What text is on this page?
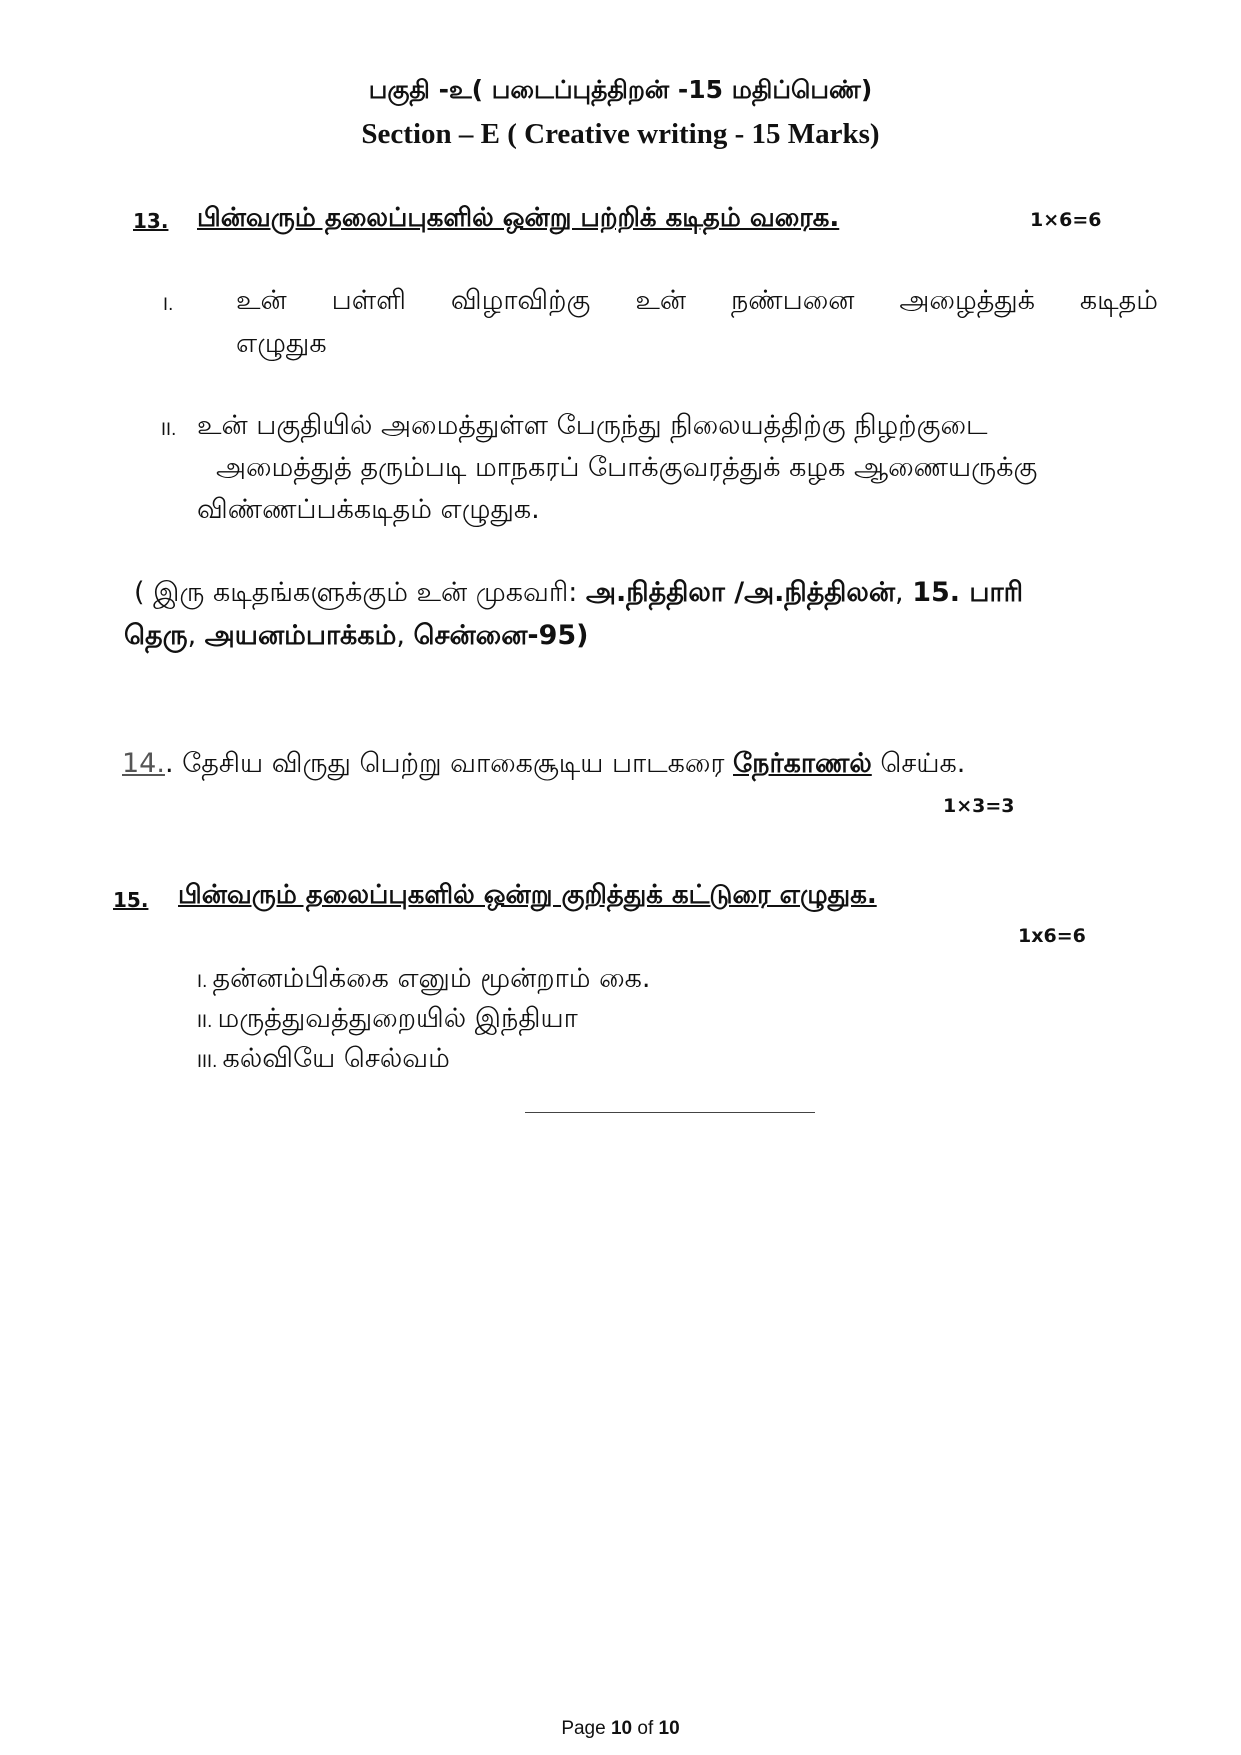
பகுதி -உ( படைப்புத்திறன் -15 மதிப்பெண்)
Section – E ( Creative writing - 15 Marks)
13. பின்வரும் தலைப்புகளில் ஒன்று பற்றிக் கடிதம் வரைக.	1×6=6
I. உன் பள்ளி விழாவிற்கு உன் நண்பனை அழைத்துக் கடிதம்
எழுதுக
II. உன் பகுதியில் அமைத்துள்ள பேருந்து நிலையத்திற்கு நிழற்குடை
அமைத்துத் தரும்படி மாநகரப் போக்குவரத்துக் கழக ஆணையருக்கு
விண்ணப்பக்கடிதம் எழுதுக.
( இரு கடிதங்களுக்கும் உன் முகவரி: அ.நித்திலா /அ.நித்திலன், 15. பாரி
தெரு, அயனம்பாக்கம், சென்னை-95)
14.. தேசிய விருது பெற்று வாகைசூடிய பாடகரை நேர்காணல் செய்க.
1×3=3
15. பின்வரும் தலைப்புகளில் ஒன்று குறித்துக் கட்டுரை எழுதுக.
1x6=6
I. தன்னம்பிக்கை எனும் மூன்றாம் கை.
II. மருத்துவத்துறையில் இந்தியா
III. கல்வியே செல்வம்
Page 10 of 10
